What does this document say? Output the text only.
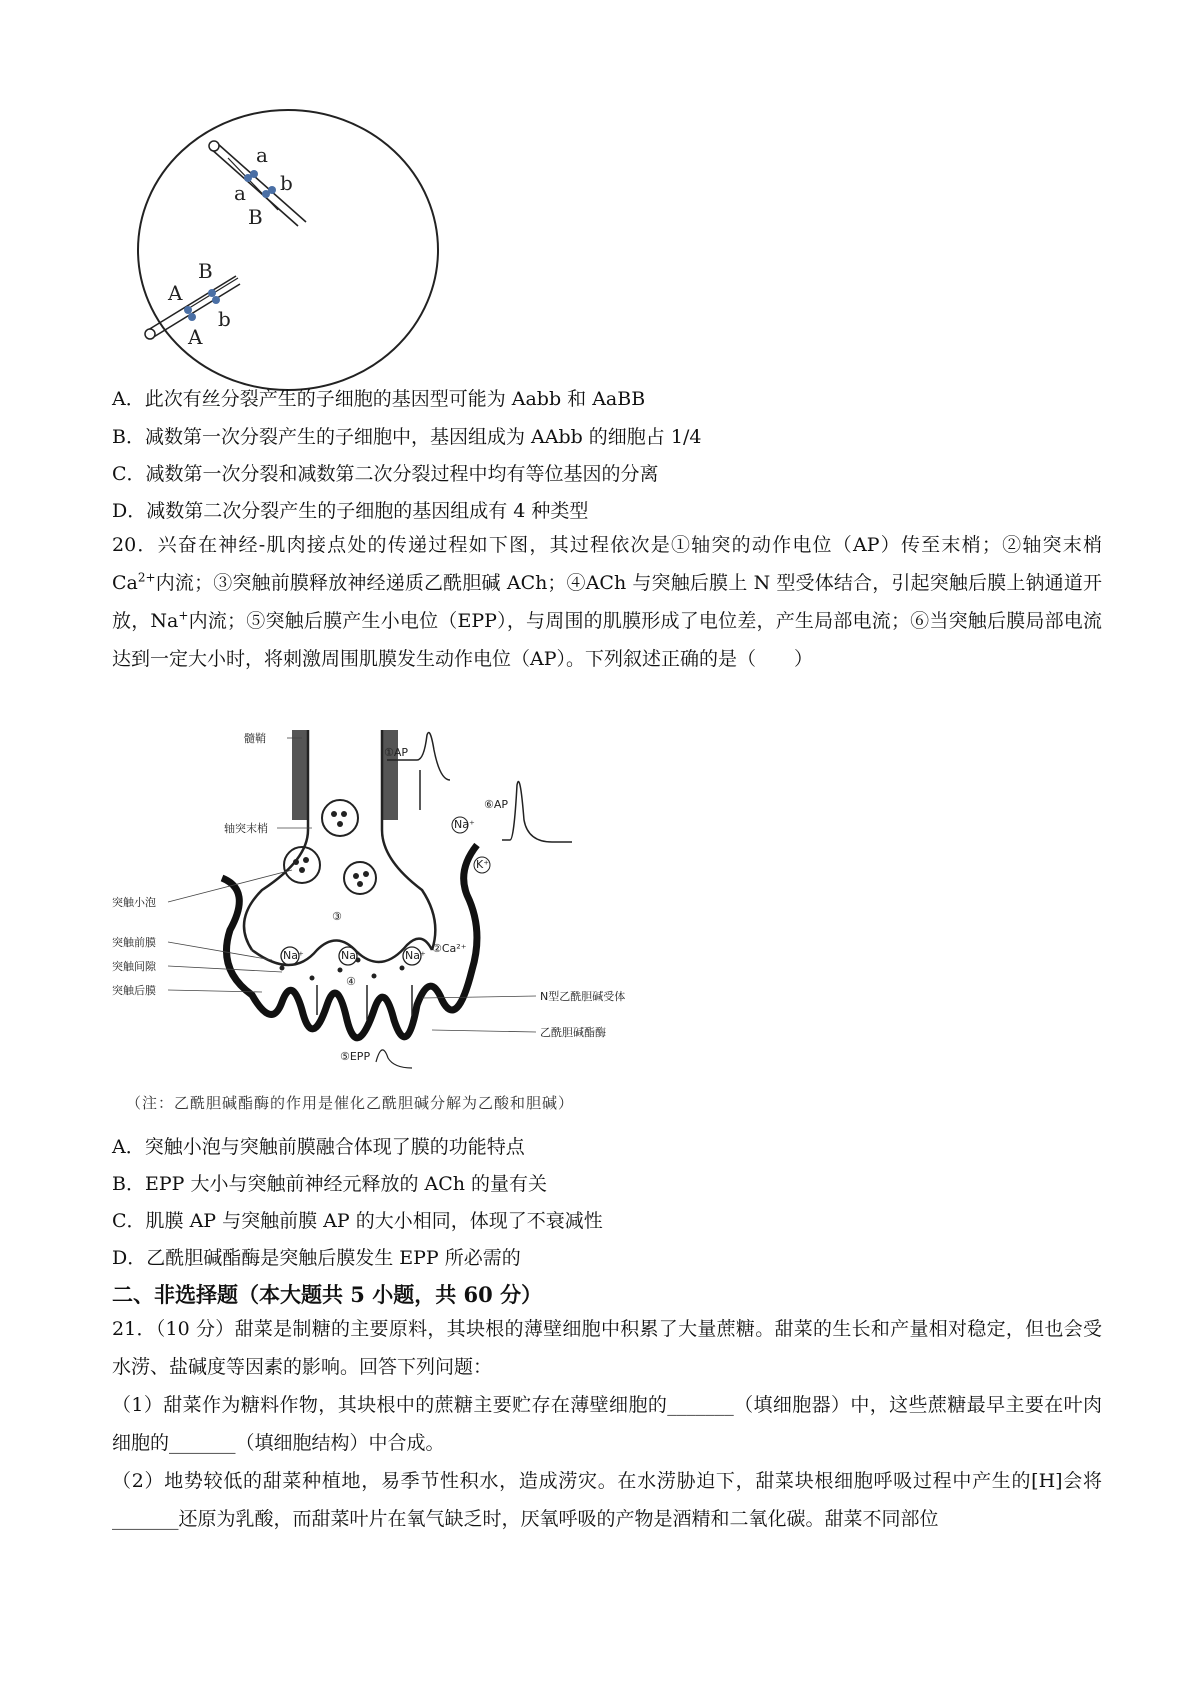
A
B
A
b
a
a b
B
A．此次有丝分裂产生的子细胞的基因型可能为 Aabb 和 AaBB
B．减数第一次分裂产生的子细胞中，基因组成为 AAbb 的细胞占 1/4
C．减数第一次分裂和减数第二次分裂过程中均有等位基因的分离
D．减数第二次分裂产生的子细胞的基因组成有 4 种类型
20．兴奋在神经-肌肉接点处的传递过程如下图，其过程依次是①轴突的动作电位（AP）传至末梢；②轴突末梢 $Ca^{2+}$内流；③突触前膜释放神经递质乙酰胆碱 ACh；④ACh 与突触后膜上 N 型受体结合，引起突触后膜上钠通道开放，Na+内流；⑤突触后膜产生小电位（EPP），与周围的肌膜形成了电位差，产生局部电流；⑥当突触后膜局部电流达到一定大小时，将刺激周围肌膜发生动作电位（AP）。下列叙述正确的是（　　）
Na⁺	Na⁺	Na⁺
①AP
⑥AP
Na⁺
K⁺
③
④
②Ca²⁺
⑤EPP
髓鞘
轴突末梢
突触小泡
突触前膜
突触间隙
突触后膜	N型乙酰胆碱受体
乙酰胆碱酯酶
（注：乙酰胆碱酯酶的作用是催化乙酰胆碱分解为乙酸和胆碱）
A．突触小泡与突触前膜融合体现了膜的功能特点
B．EPP 大小与突触前神经元释放的 ACh 的量有关
C．肌膜 AP 与突触前膜 AP 的大小相同，体现了不衰减性
D．乙酰胆碱酯酶是突触后膜发生 EPP 所必需的
二、非选择题（本大题共 5 小题，共 60 分）
21．（10 分）甜菜是制糖的主要原料，其块根的薄壁细胞中积累了大量蔗糖。甜菜的生长和产量相对稳定，但也会受水涝、盐碱度等因素的影响。回答下列问题：
（1）甜菜作为糖料作物，其块根中的蔗糖主要贮存在薄壁细胞的_______（填细胞器）中，这些蔗糖最早主要在叶肉细胞的_______（填细胞结构）中合成。
（2）地势较低的甜菜种植地，易季节性积水，造成涝灾。在水涝胁迫下，甜菜块根细胞呼吸过程中产生的[H]会将_______还原为乳酸，而甜菜叶片在氧气缺乏时，厌氧呼吸的产物是酒精和二氧化碳。甜菜不同部位
